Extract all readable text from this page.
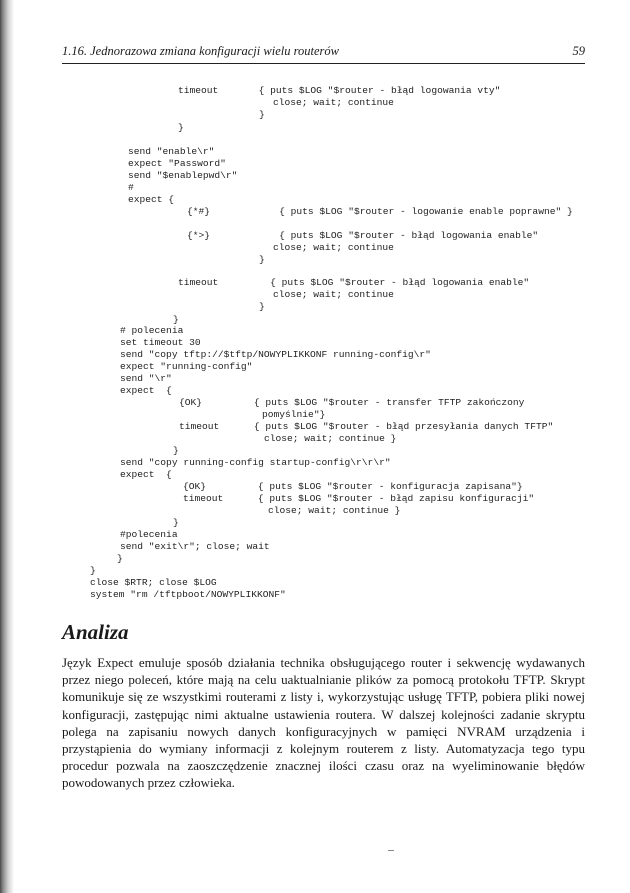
1.16. Jednorazowa zmiana konfiguracji wielu routerów	59
timeout       { puts $LOG "$router - błąd logowania vty"
close; wait; continue
}
}
send "enable\r"
expect "Password"
send "$enablepwd\r"
#
expect {
{*#}            { puts $LOG "$router - logowanie enable poprawne" }
{*>}            { puts $LOG "$router - błąd logowania enable"
close; wait; continue
}
timeout         { puts $LOG "$router - błąd logowania enable"
close; wait; continue
}
}
# polecenia
set timeout 30
send "copy tftp://$tftp/NOWYPLIKKONF running-config\r"
expect "running-config"
send "\r"
expect  {
{OK}         { puts $LOG "$router - transfer TFTP zakończony
pomyślnie"}
timeout      { puts $LOG "$router - błąd przesyłania danych TFTP"
close; wait; continue }
}
send "copy running-config startup-config\r\r\r"
expect  {
{OK}         { puts $LOG "$router - konfiguracja zapisana"}
timeout      { puts $LOG "$router - błąd zapisu konfiguracji"
close; wait; continue }
}
#polecenia
send "exit\r"; close; wait
}
}
close $RTR; close $LOG
system "rm /tftpboot/NOWYPLIKKONF"
Analiza
Język Expect emuluje sposób działania technika obsługującego router i sekwencję wydawanych przez niego poleceń, które mają na celu uaktualnianie plików za pomocą protokołu TFTP. Skrypt komunikuje się ze wszystkimi routerami z listy i, wykorzystując usługę TFTP, pobiera pliki nowej konfiguracji, zastępując nimi aktualne ustawienia routera. W dalszej kolejności zadanie skryptu polega na zapisaniu nowych danych konfiguracyjnych w pamięci NVRAM urządzenia i przystąpienia do wymiany informacji z kolejnym routerem z listy. Automatyzacja tego typu procedur pozwala na zaoszczędzenie znacznej ilości czasu oraz na wyeliminowanie błędów powodowanych przez człowieka.
